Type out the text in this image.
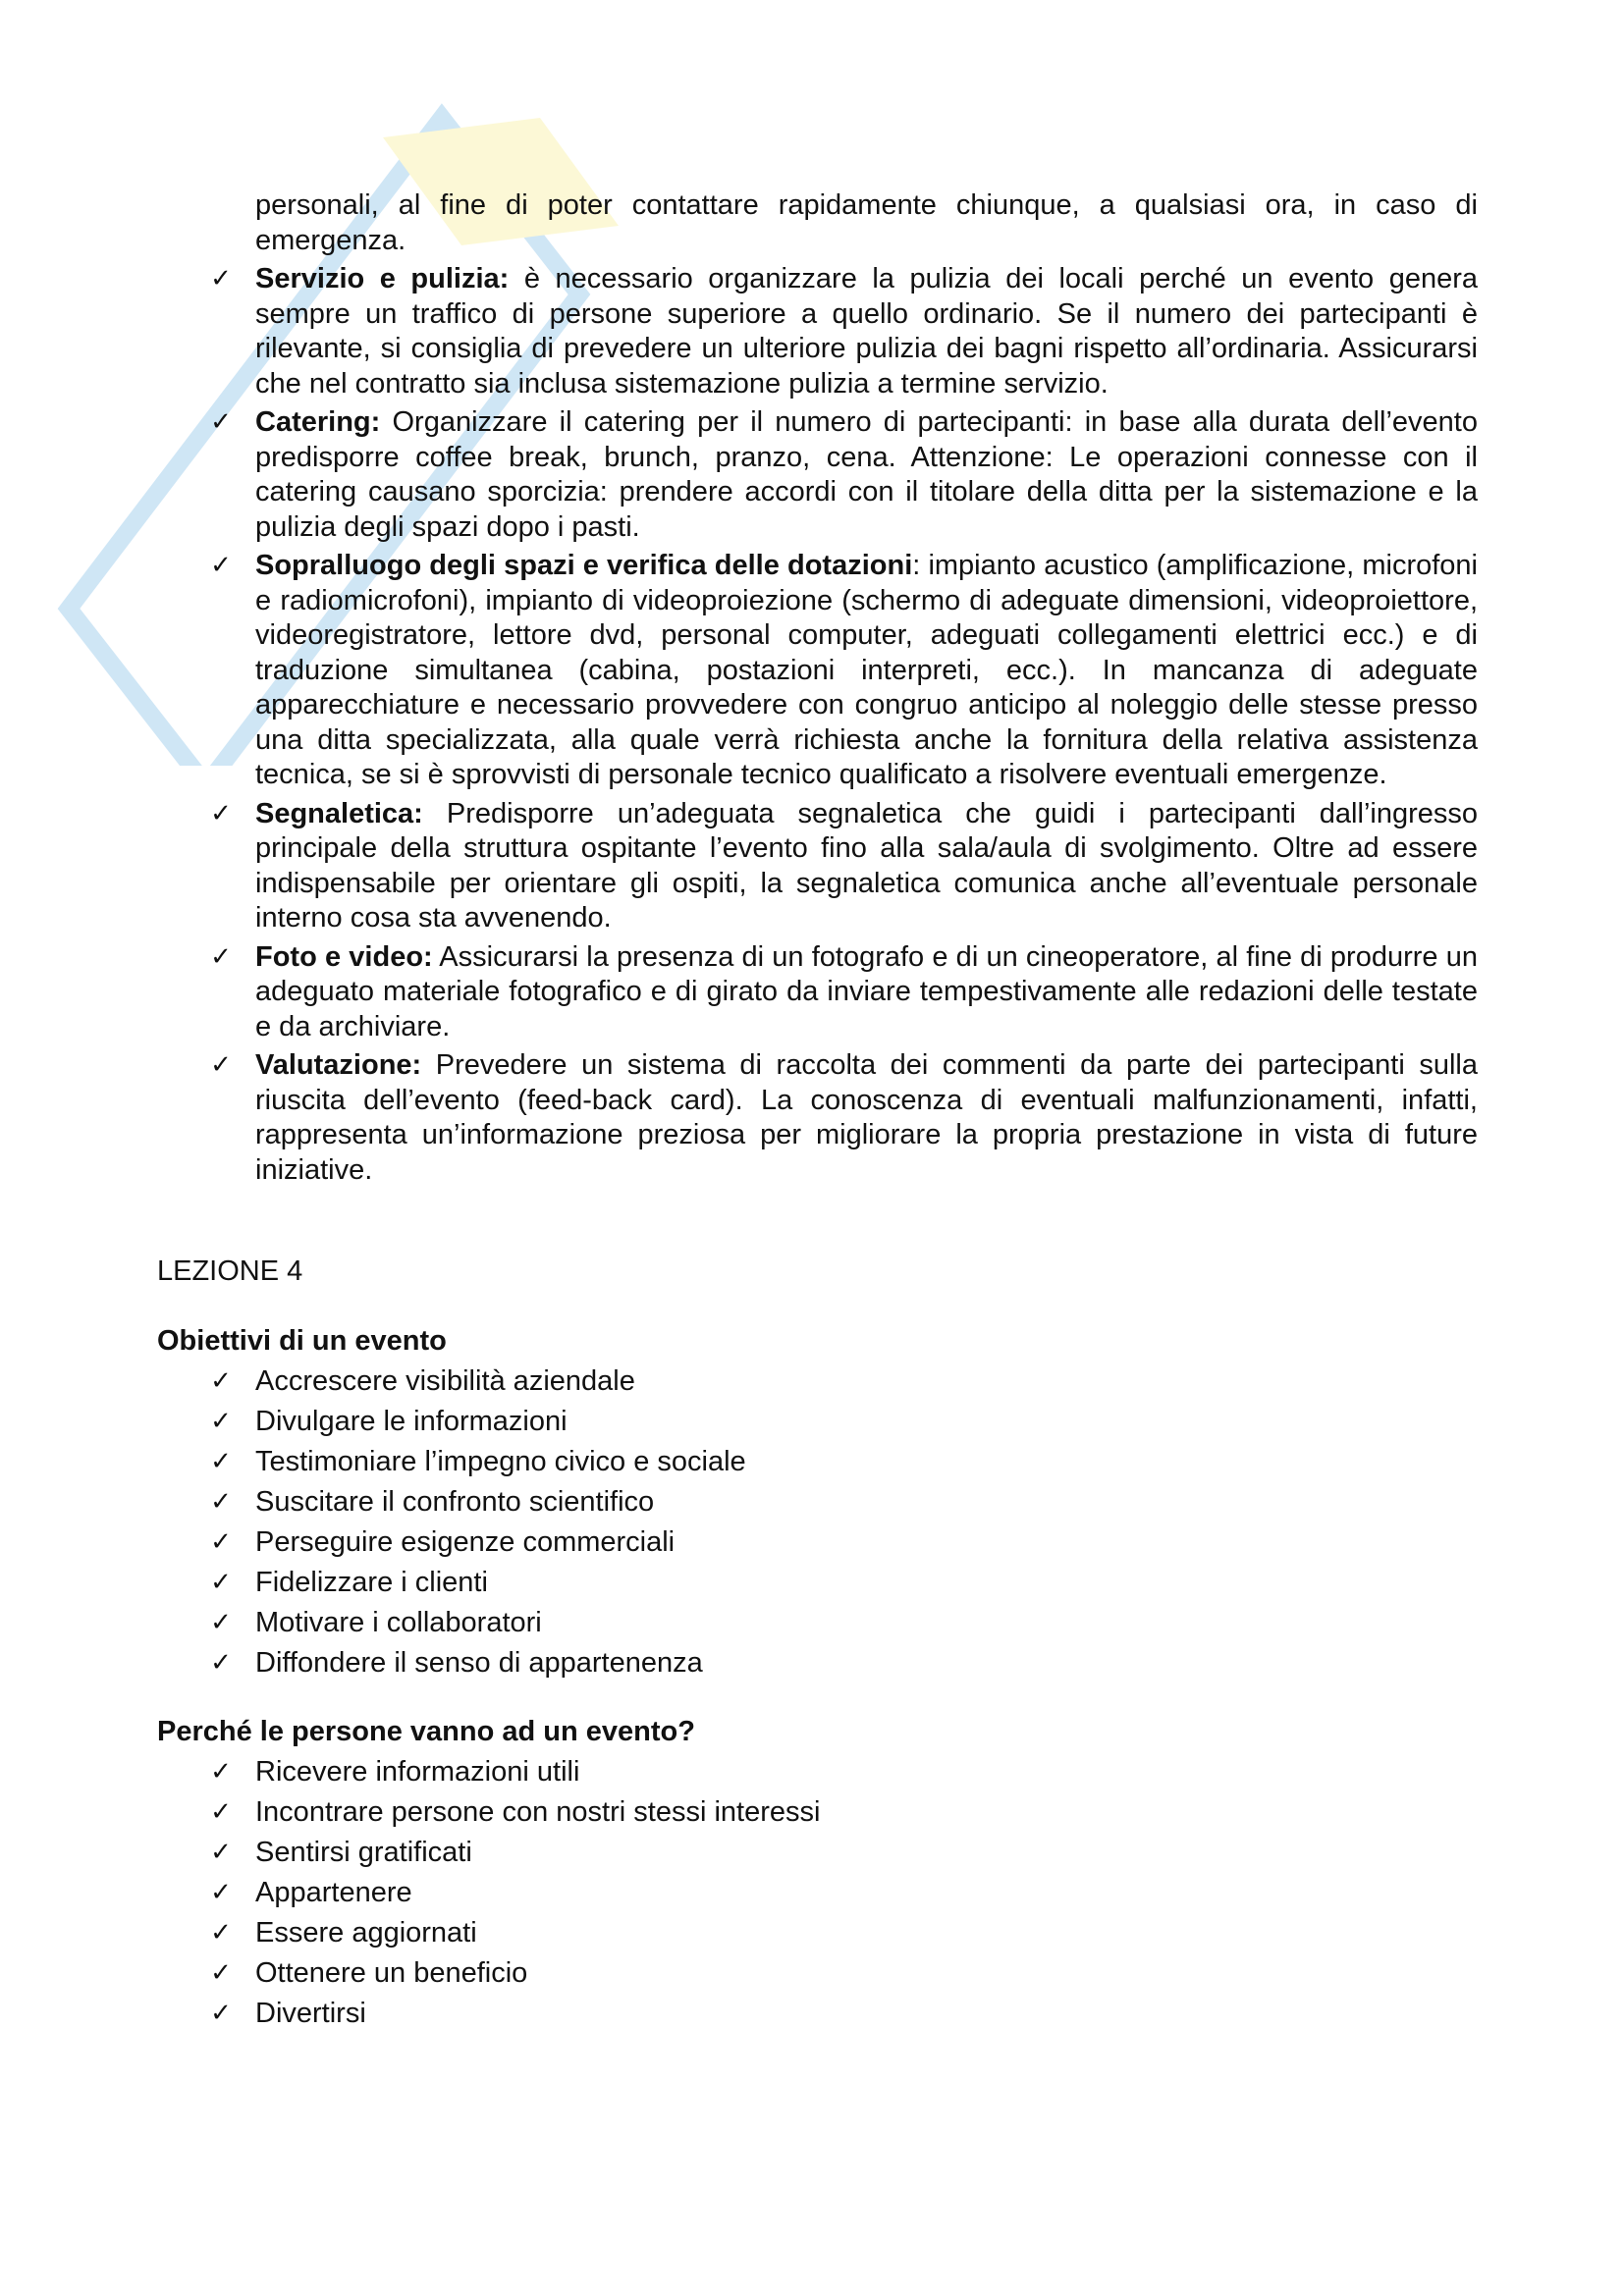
personali, al fine di poter contattare rapidamente chiunque, a qualsiasi ora, in caso di emergenza.
✓ Servizio e pulizia: è necessario organizzare la pulizia dei locali perché un evento genera sempre un traffico di persone superiore a quello ordinario. Se il numero dei partecipanti è rilevante, si consiglia di prevedere un ulteriore pulizia dei bagni rispetto all’ordinaria. Assicurarsi che nel contratto sia inclusa sistemazione pulizia a termine servizio.
✓ Catering: Organizzare il catering per il numero di partecipanti: in base alla durata dell’evento predisporre coffee break, brunch, pranzo, cena. Attenzione: Le operazioni connesse con il catering causano sporcizia: prendere accordi con il titolare della ditta per la sistemazione e la pulizia degli spazi dopo i pasti.
✓ Sopralluogo degli spazi e verifica delle dotazioni: impianto acustico (amplificazione, microfoni e radiomicrofoni), impianto di videoproiezione (schermo di adeguate dimensioni, videoproiettore, videoregistratore, lettore dvd, personal computer, adeguati collegamenti elettrici ecc.) e di traduzione simultanea (cabina, postazioni interpreti, ecc.). In mancanza di adeguate apparecchiature e necessario provvedere con congruo anticipo al noleggio delle stesse presso una ditta specializzata, alla quale verrà richiesta anche la fornitura della relativa assistenza tecnica, se si è sprovvisti di personale tecnico qualificato a risolvere eventuali emergenze.
✓ Segnaletica: Predisporre un’adeguata segnaletica che guidi i partecipanti dall’ingresso principale della struttura ospitante l’evento fino alla sala/aula di svolgimento. Oltre ad essere indispensabile per orientare gli ospiti, la segnaletica comunica anche all’eventuale personale interno cosa sta avvenendo.
✓ Foto e video: Assicurarsi la presenza di un fotografo e di un cineoperatore, al fine di produrre un adeguato materiale fotografico e di girato da inviare tempestivamente alle redazioni delle testate e da archiviare.
✓ Valutazione: Prevedere un sistema di raccolta dei commenti da parte dei partecipanti sulla riuscita dell’evento (feed-back card). La conoscenza di eventuali malfunzionamenti, infatti, rappresenta un’informazione preziosa per migliorare la propria prestazione in vista di future iniziative.
LEZIONE 4
Obiettivi di un evento
✓ Accrescere visibilità aziendale
✓ Divulgare le informazioni
✓ Testimoniare l’impegno civico e sociale
✓ Suscitare il confronto scientifico
✓ Perseguire esigenze commerciali
✓ Fidelizzare i clienti
✓ Motivare i collaboratori
✓ Diffondere il senso di appartenenza
Perché le persone vanno ad un evento?
✓ Ricevere informazioni utili
✓ Incontrare persone con nostri stessi interessi
✓ Sentirsi gratificati
✓ Appartenere
✓ Essere aggiornati
✓ Ottenere un beneficio
✓ Divertirsi
